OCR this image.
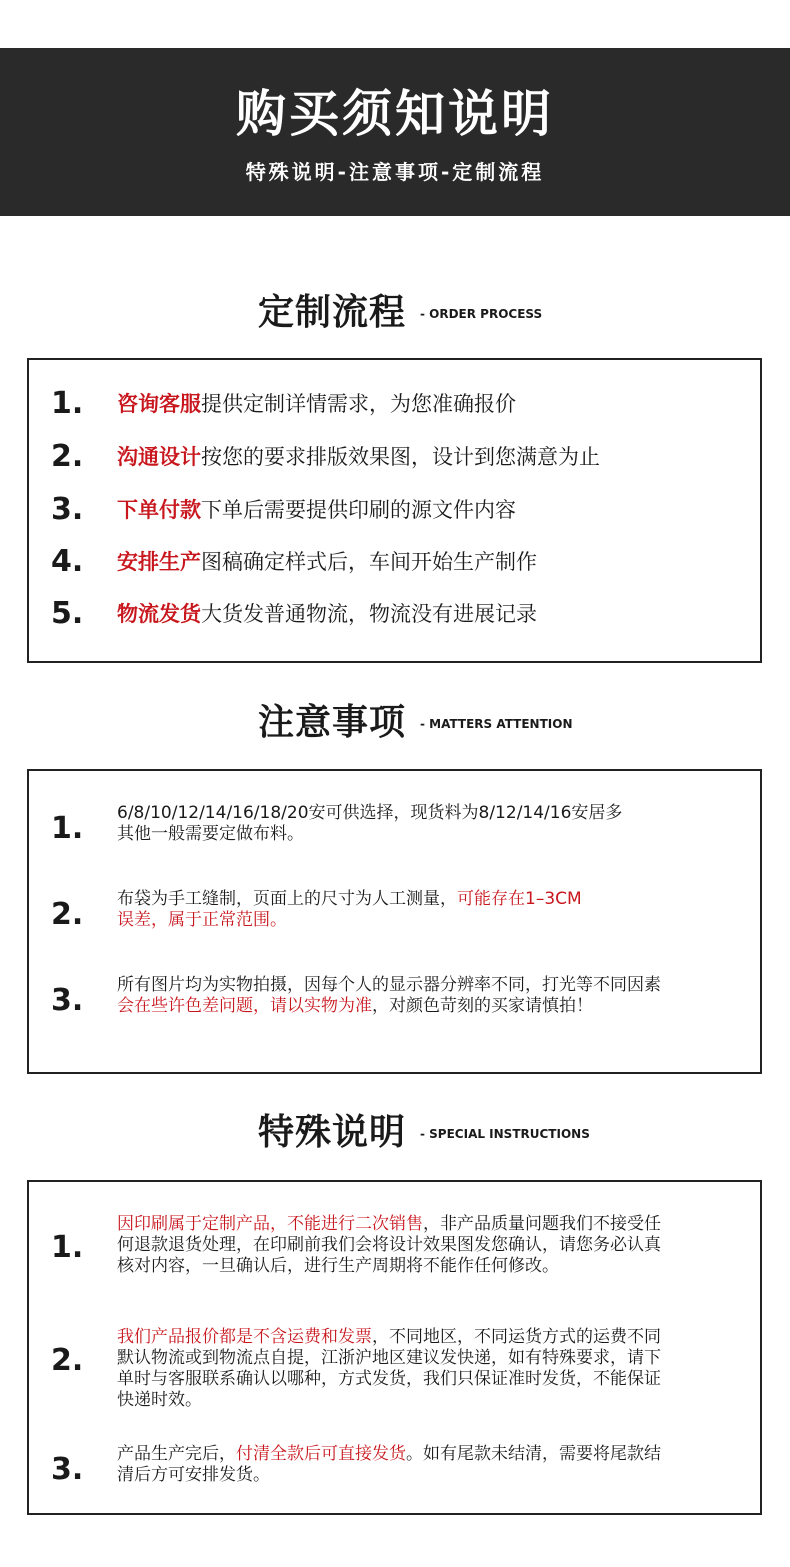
购买须知说明
特殊说明-注意事项-定制流程
定制流程 - ORDER PROCESS
1.	咨询客服提供定制详情需求，为您准确报价
2.	沟通设计按您的要求排版效果图，设计到您满意为止
3.	下单付款下单后需要提供印刷的源文件内容
4.	安排生产图稿确定样式后，车间开始生产制作
5.	物流发货大货发普通物流，物流没有进展记录
注意事项 - MATTERS ATTENTION
1. 6/8/10/12/14/16/18/20安可供选择，现货料为8/12/14/16安居多
其他一般需要定做布料。
2. 布袋为手工缝制，页面上的尺寸为人工测量，可能存在1–3CM
误差，属于正常范围。
3. 所有图片均为实物拍摄，因每个人的显示器分辨率不同，打光等不同因素
会在些许色差问题，请以实物为准，对颜色苛刻的买家请慎拍！
特殊说明 - SPECIAL INSTRUCTIONS
1.
因印刷属于定制产品，不能进行二次销售，非产品质量问题我们不接受任
何退款退货处理，在印刷前我们会将设计效果图发您确认，请您务必认真
核对内容，一旦确认后，进行生产周期将不能作任何修改。
2.
我们产品报价都是不含运费和发票，不同地区，不同运货方式的运费不同
默认物流或到物流点自提，江浙沪地区建议发快递，如有特殊要求，请下
单时与客服联系确认以哪种，方式发货，我们只保证准时发货，不能保证
快递时效。
3. 产品生产完后，付清全款后可直接发货。如有尾款未结清，需要将尾款结
清后方可安排发货。
